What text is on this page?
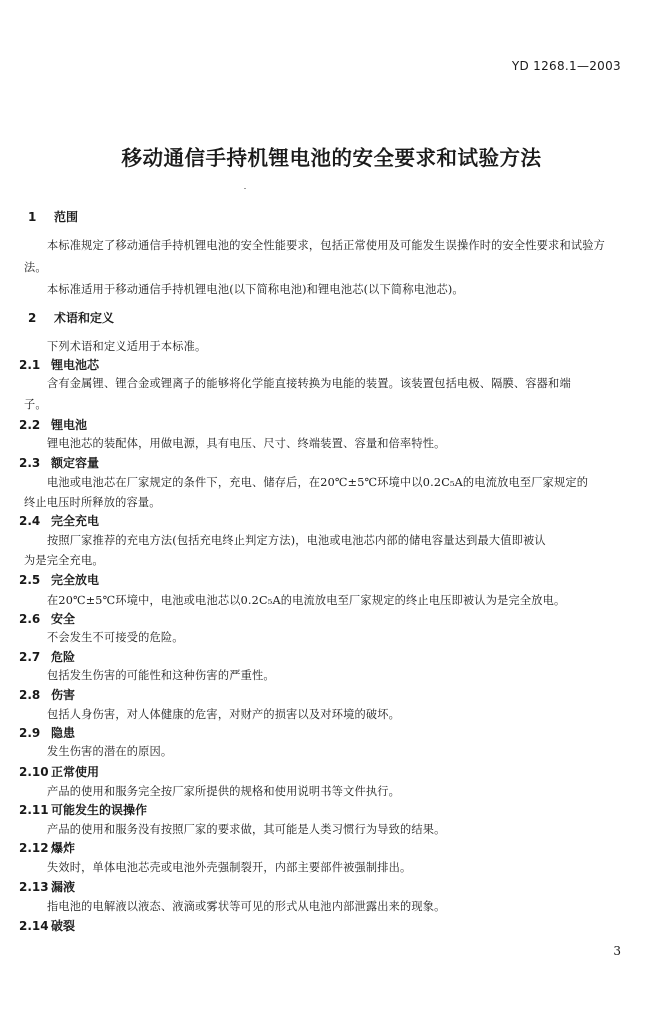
YD 1268.1—2003
移动通信手持机锂电池的安全要求和试验方法
1 范围
本标准规定了移动通信手持机锂电池的安全性能要求，包括正常使用及可能发生误操作时的安全性要求和试验方法。
本标准适用于移动通信手持机锂电池(以下简称电池)和锂电池芯(以下简称电池芯)。
2 术语和定义
下列术语和定义适用于本标准。
2.1 锂电池芯
含有金属锂、锂合金或锂离子的能够将化学能直接转换为电能的装置。该装置包括电极、隔膜、容器和端
子。
2.2 锂电池
锂电池芯的装配体，用做电源，具有电压、尺寸、终端装置、容量和倍率特性。
2.3 额定容量
电池或电池芯在厂家规定的条件下，充电、储存后，在20℃±5℃环境中以0.2C₅A的电流放电至厂家规定的
终止电压时所释放的容量。
2.4 完全充电
按照厂家推荐的充电方法(包括充电终止判定方法)，电池或电池芯内部的储电容量达到最大值即被认
为是完全充电。
2.5 完全放电
在20℃±5℃环境中，电池或电池芯以0.2C₅A的电流放电至厂家规定的终止电压即被认为是完全放电。
2.6 安全
不会发生不可接受的危险。
2.7 危险
包括发生伤害的可能性和这种伤害的严重性。
2.8 伤害
包括人身伤害，对人体健康的危害，对财产的损害以及对环境的破坏。
2.9 隐患
发生伤害的潜在的原因。
2.10 正常使用
产品的使用和服务完全按厂家所提供的规格和使用说明书等文件执行。
2.11 可能发生的误操作
产品的使用和服务没有按照厂家的要求做，其可能是人类习惯行为导致的结果。
2.12 爆炸
失效时，单体电池芯壳或电池外壳强制裂开，内部主要部件被强制排出。
2.13 漏液
指电池的电解液以液态、液滴或雾状等可见的形式从电池内部泄露出来的现象。
2.14 破裂
3
